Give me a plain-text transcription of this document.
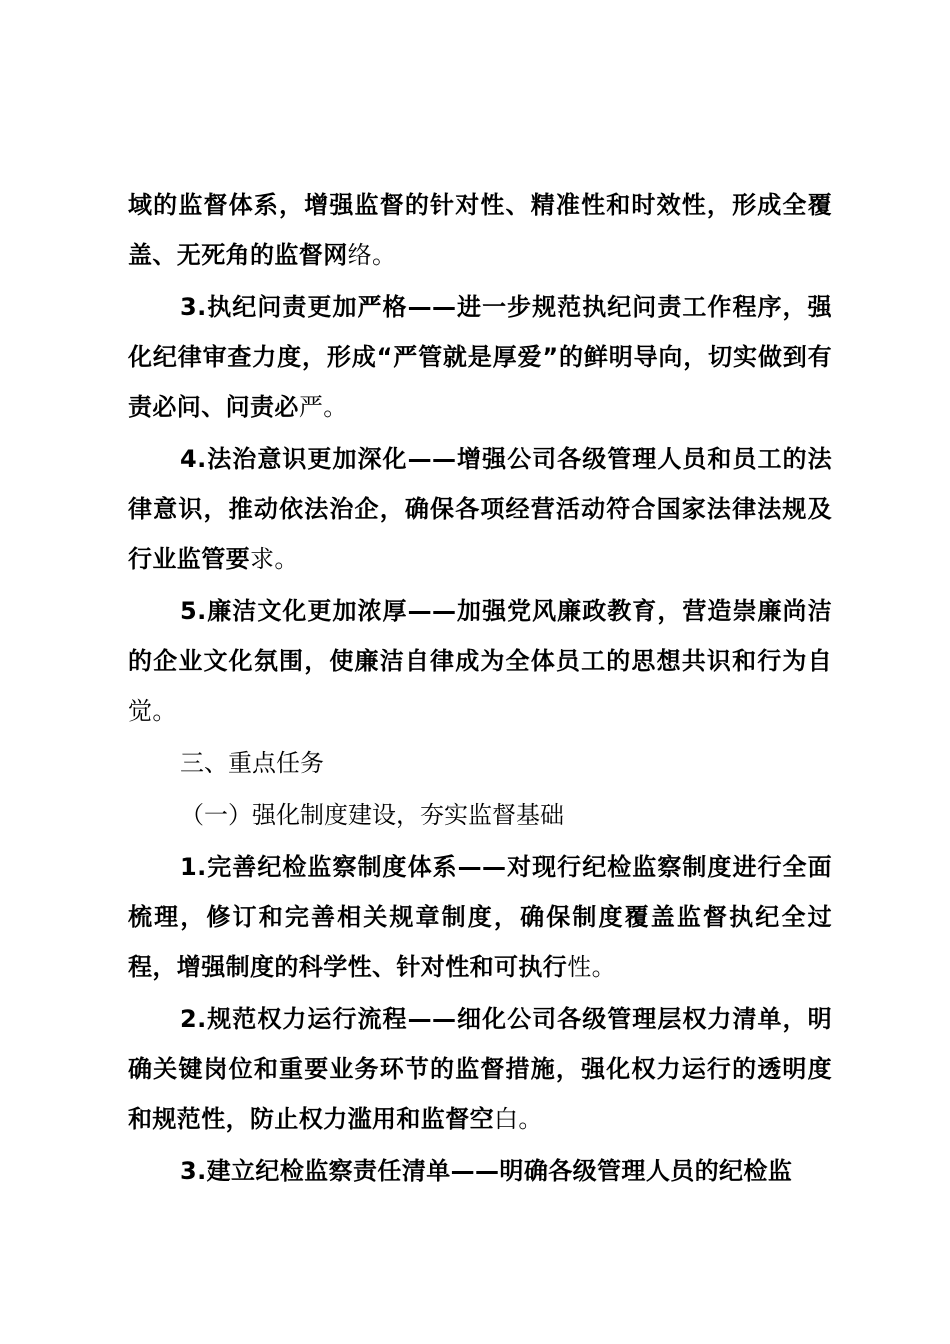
域的监督体系，增强监督的针对性、精准性和时效性，形成全覆盖、无死角的监督网络。

3.执纪问责更加严格——进一步规范执纪问责工作程序，强化纪律审查力度，形成“严管就是厚爱”的鲜明导向，切实做到有责必问、问责必严。

4.法治意识更加深化——增强公司各级管理人员和员工的法律意识，推动依法治企，确保各项经营活动符合国家法律法规及行业监管要求。

5.廉洁文化更加浓厚——加强党风廉政教育，营造崇廉尚洁的企业文化氛围，使廉洁自律成为全体员工的思想共识和行为自觉。

三、重点任务

（一）强化制度建设，夯实监督基础

1.完善纪检监察制度体系——对现行纪检监察制度进行全面梳理，修订和完善相关规章制度，确保制度覆盖监督执纪全过程，增强制度的科学性、针对性和可执行性。

2.规范权力运行流程——细化公司各级管理层权力清单，明确关键岗位和重要业务环节的监督措施，强化权力运行的透明度和规范性，防止权力滥用和监督空白。

3.建立纪检监察责任清单——明确各级管理人员的纪检监
